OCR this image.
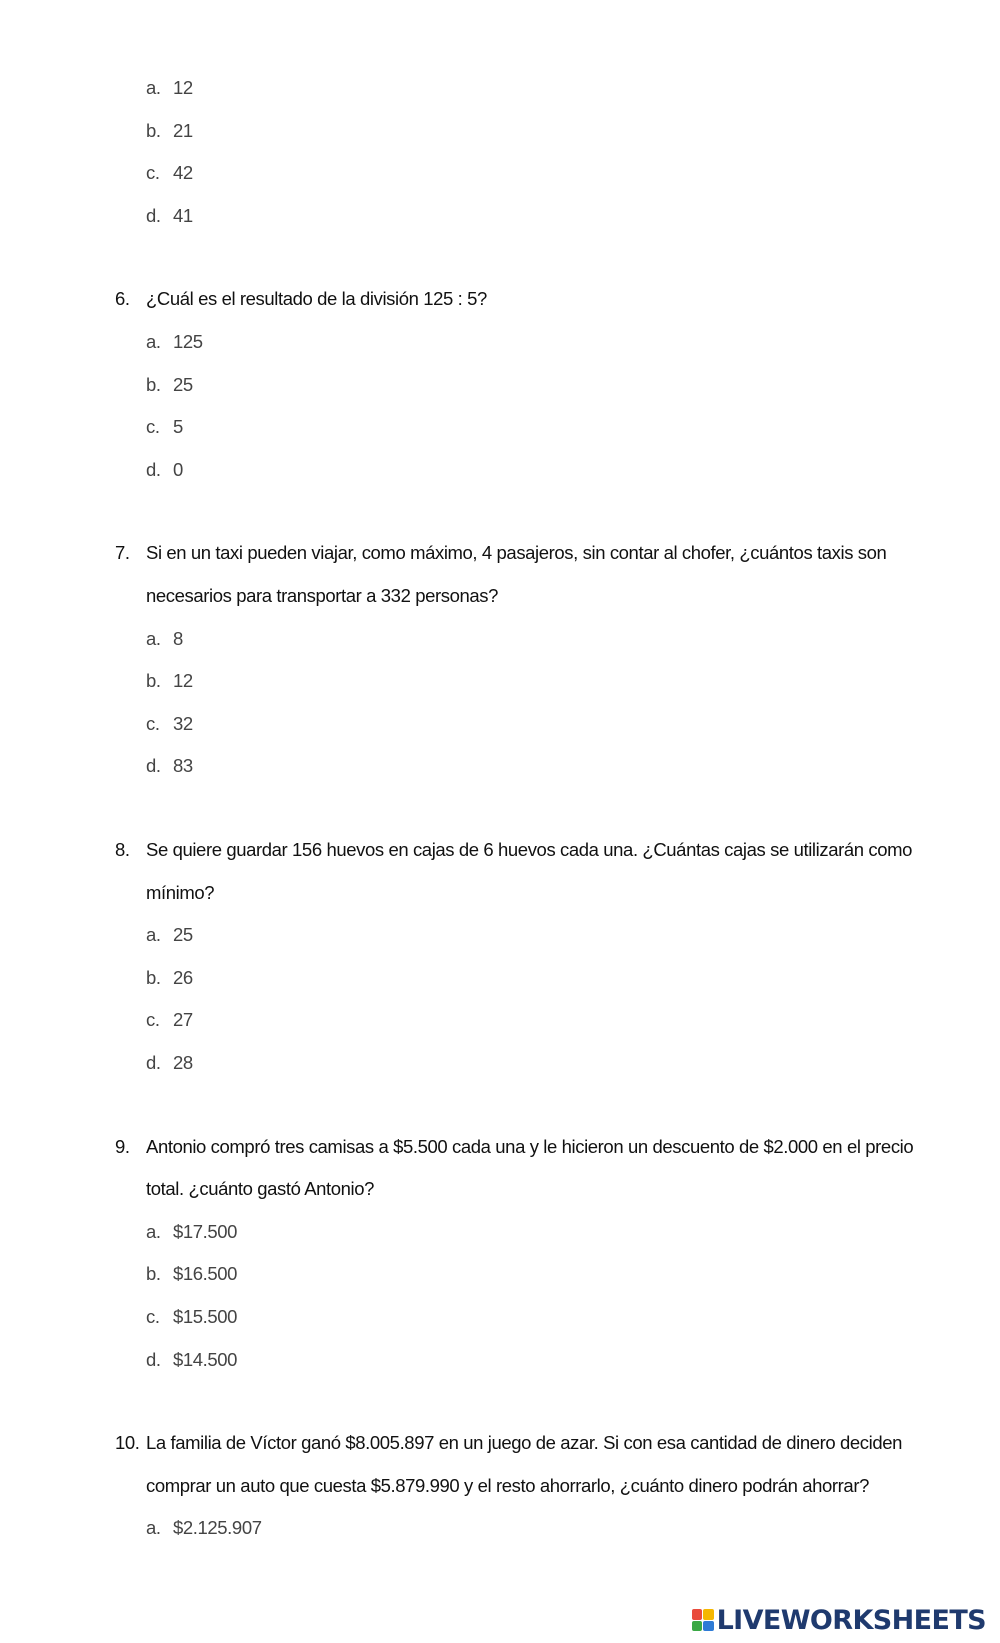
a. 12
b. 21
c. 42
d. 41
6. ¿Cuál es el resultado de la división 125 : 5?
a. 125
b. 25
c. 5
d. 0
7. Si en un taxi pueden viajar, como máximo, 4 pasajeros, sin contar al chofer, ¿cuántos taxis son
necesarios para transportar a 332 personas?
a. 8
b. 12
c. 32
d. 83
8. Se quiere guardar 156 huevos en cajas de 6 huevos cada una. ¿Cuántas cajas se utilizarán como
mínimo?
a. 25
b. 26
c. 27
d. 28
9. Antonio compró tres camisas a $5.500 cada una y le hicieron un descuento de $2.000 en el precio
total. ¿cuánto gastó Antonio?
a. $17.500
b. $16.500
c. $15.500
d. $14.500
10. La familia de Víctor ganó $8.005.897 en un juego de azar. Si con esa cantidad de dinero deciden
comprar un auto que cuesta $5.879.990 y el resto ahorrarlo, ¿cuánto dinero podrán ahorrar?
a. $2.125.907
LIVEWORKSHEETS
